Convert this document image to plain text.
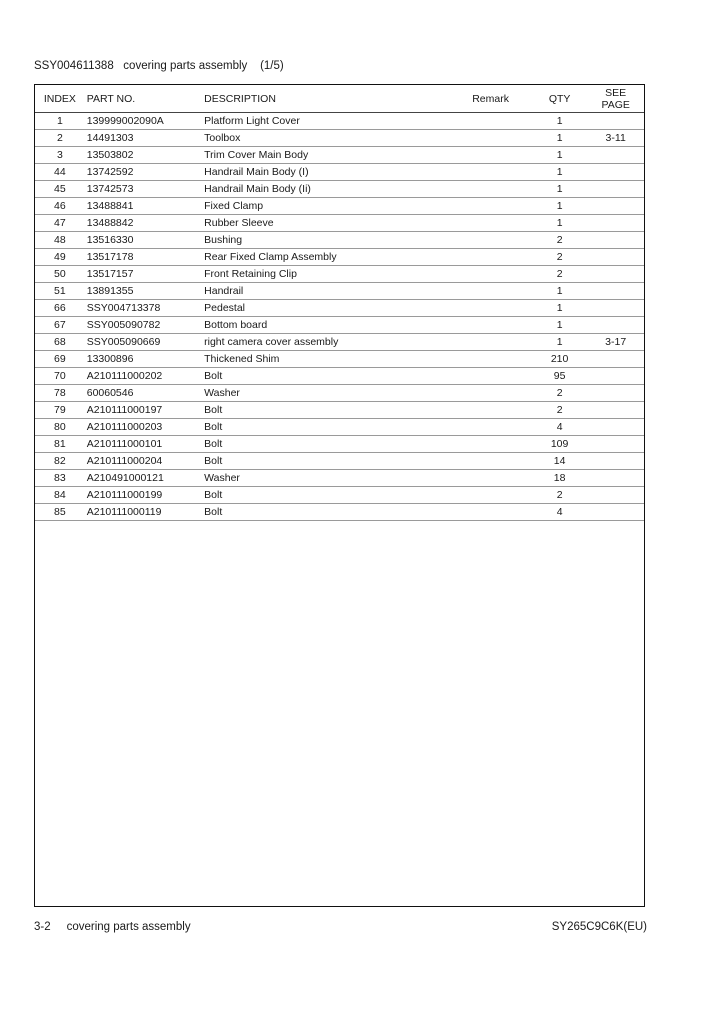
SSY004611388   covering parts assembly    (1/5)
INDEX	PART NO.	DESCRIPTION	Remark	QTY	SEE
PAGE
1	139999002090A	Platform Light Cover		1	
2	14491303	Toolbox		1	3-11
3	13503802	Trim Cover Main Body		1	
44	13742592	Handrail Main Body (I)		1	
45	13742573	Handrail Main Body (Ii)		1	
46	13488841	Fixed Clamp		1	
47	13488842	Rubber Sleeve		1	
48	13516330	Bushing		2	
49	13517178	Rear Fixed Clamp Assembly		2	
50	13517157	Front Retaining Clip		2	
51	13891355	Handrail		1	
66	SSY004713378	Pedestal		1	
67	SSY005090782	Bottom board		1	
68	SSY005090669	right camera cover assembly		1	3-17
69	13300896	Thickened Shim		210	
70	A210111000202	Bolt		95	
78	60060546	Washer		2	
79	A210111000197	Bolt		2	
80	A210111000203	Bolt		4	
81	A210111000101	Bolt		109	
82	A210111000204	Bolt		14	
83	A210491000121	Washer		18	
84	A210111000199	Bolt		2	
85	A210111000119	Bolt		4	
3-2     covering parts assembly	SY265C9C6K(EU)
